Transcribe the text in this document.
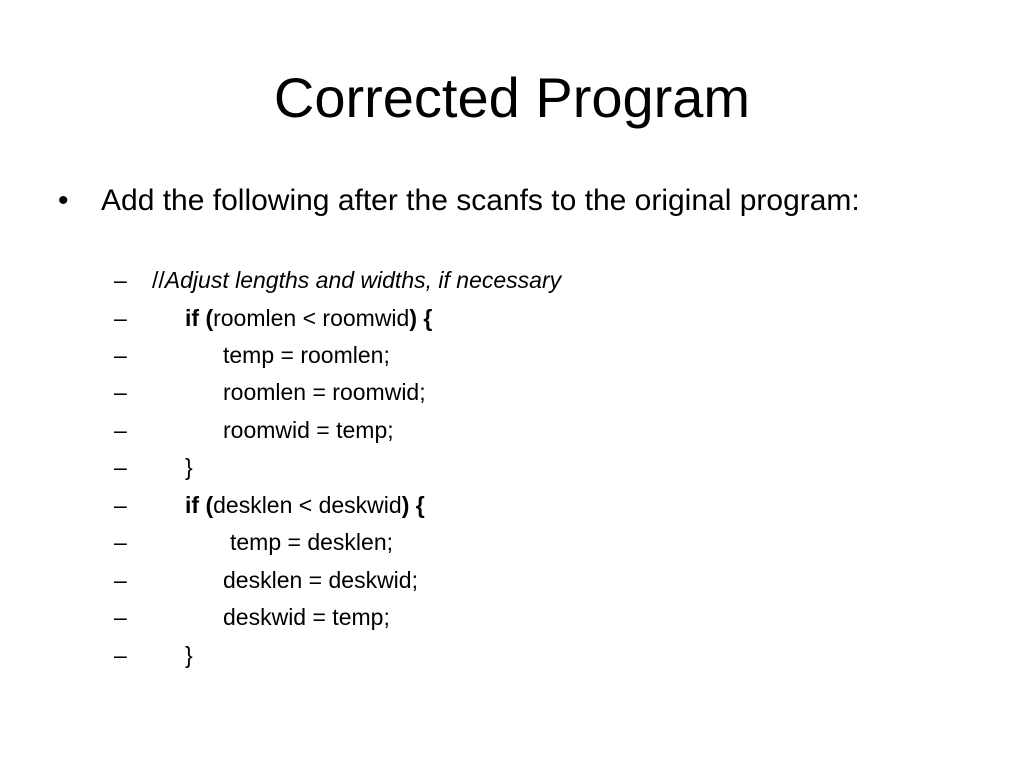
Corrected Program
•	Add the following after the scanfs to the original program:

–

//Adjust lengths and widths, if necessary

–

	if (roomlen < roomwid) {

–

	temp = roomlen;

–

	roomlen = roomwid;

–

	roomwid = temp;

–

	}

–

	if (desklen < deskwid) {

–

	temp = desklen;

–

	desklen = deskwid;

–

	deskwid = temp;

–

	}
